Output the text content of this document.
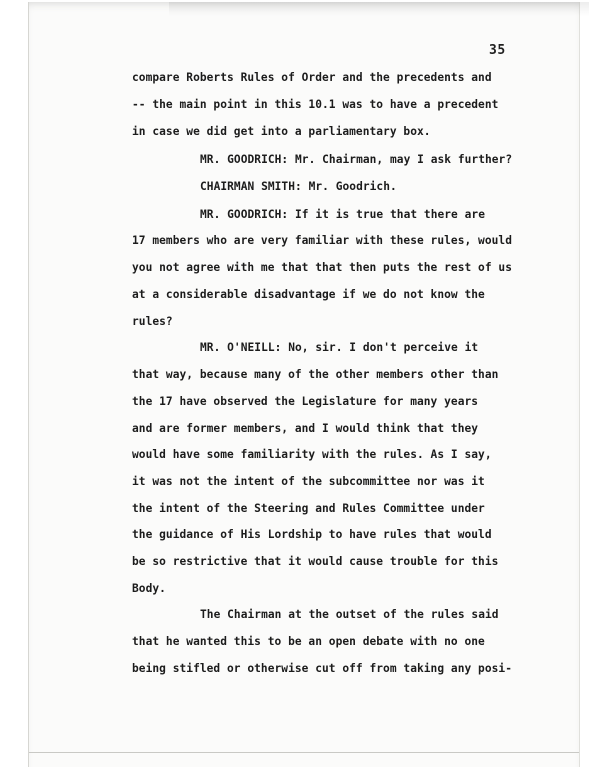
35
compare Roberts Rules of Order and the precedents and
-- the main point in this 10.1 was to have a precedent
in case we did get into a parliamentary box.
MR. GOODRICH: Mr. Chairman, may I ask further?
CHAIRMAN SMITH: Mr. Goodrich.
MR. GOODRICH: If it is true that there are
17 members who are very familiar with these rules, would
you not agree with me that that then puts the rest of us
at a considerable disadvantage if we do not know the
rules?
MR. O'NEILL: No, sir. I don't perceive it
that way, because many of the other members other than
the 17 have observed the Legislature for many years
and are former members, and I would think that they
would have some familiarity with the rules. As I say,
it was not the intent of the subcommittee nor was it
the intent of the Steering and Rules Committee under
the guidance of His Lordship to have rules that would
be so restrictive that it would cause trouble for this
Body.
The Chairman at the outset of the rules said
that he wanted this to be an open debate with no one
being stifled or otherwise cut off from taking any posi-
